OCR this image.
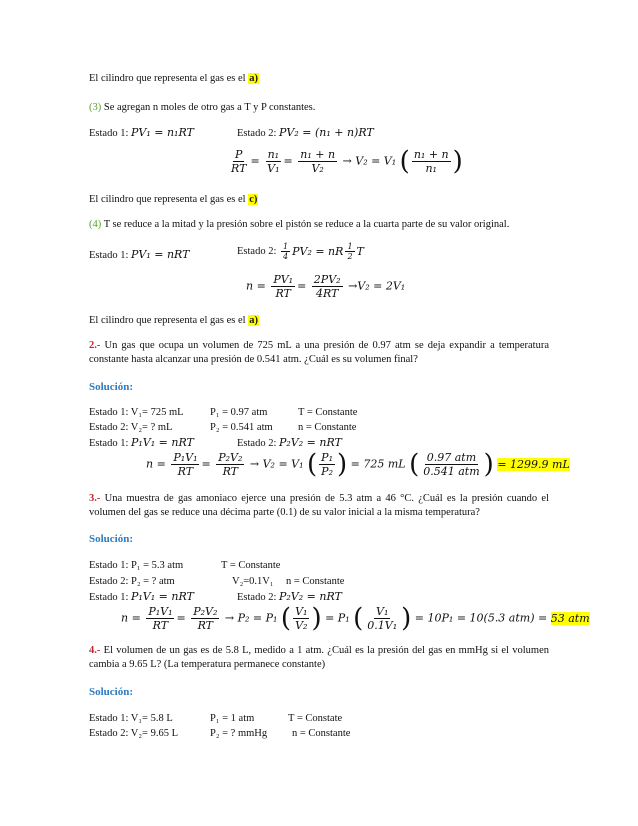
El cilindro que representa el gas es el a)
(3) Se agregan n moles de otro gas a T y P constantes.
Estado 1: PV₁ = n₁RT	Estado 2: PV₂ = (n₁ + n)RT
$\frac{P}{RT} = \frac{\text{n₁}}{\text{V₁}} = \frac{\text{n₁ + n}}{\text{V₂}} \to V_2 = V_1$ ( $\frac{\text{n₁ + n}}{\text{n₁}}$ )
El cilindro que representa el gas es el c)
(4) T se reduce a la mitad y la presión sobre el pistón se reduce a la cuarta parte de su valor original.
Estado 1: PV₁ = nRT	Estado 2: $\frac{1}{4} PV_2$ = nR $\frac{1}{2}$ T
$n = \frac{\text{PV₁}}{RT} = \frac{\text{2PV₂}}{4RT} \to V_2 = 2V_1$
El cilindro que representa el gas es el a)
2.- Un gas que ocupa un volumen de 725 mL a una presión de 0.97 atm se deja expandir a temperatura constante hasta alcanzar una presión de 0.541 atm. ¿Cuál es su volumen final?
Solución:
Estado 1: V₁= 725 mL	P₁ = 0.97 atm	T = Constante
Estado 2: V₂= ? mL	P₂ = 0.541 atm n = Constante
Estado 1: P₁V₁ = nRT	Estado 2: P₂V₂ = nRT
$n = \frac{\text{P₁V₁}}{RT} = \frac{\text{P₂V₂}}{RT} \to V_2 = V_1$ ( $\frac{\text{P₁}}{\text{P₂}}$ ) = 725 mL ( $\frac{\text{0.97 atm}}{\text{0.541 atm}}$ ) = 1299.9 mL
3.- Una muestra de gas amoniaco ejerce una presión de 5.3 atm a 46 °C. ¿Cuál es la presión cuando el volumen del gas se reduce una décima parte (0.1) de su valor inicial a la misma temperatura?
Solución:
Estado 1: P₁ = 5.3 atm	T = Constante
Estado 2: P₂ = ? atm	V₂=0.1V₁ n = Constante
Estado 1: P₁V₁ = nRT	Estado 2: P₂V₂ = nRT
$n = \frac{\text{P₁V₁}}{RT} = \frac{\text{P₂V₂}}{RT} \to P_2 = P_1$ ( $\frac{\text{V₁}}{\text{V₂}}$ ) = P₁ ( $\frac{\text{V₁}}{\text{0.1V₁}}$ ) = 10P₁ = 10(5.3 atm) = 53 atm
4.- El volumen de un gas es de 5.8 L, medido a 1 atm. ¿Cuál es la presión del gas en mmHg si el volumen cambia a 9.65 L? (La temperatura permanece constante)
Solución:
Estado 1: V₁= 5.8 L	P₁ = 1 atm	T = Constate
Estado 2: V₂= 9.65 L	P₂ = ? mmHg n = Constante
